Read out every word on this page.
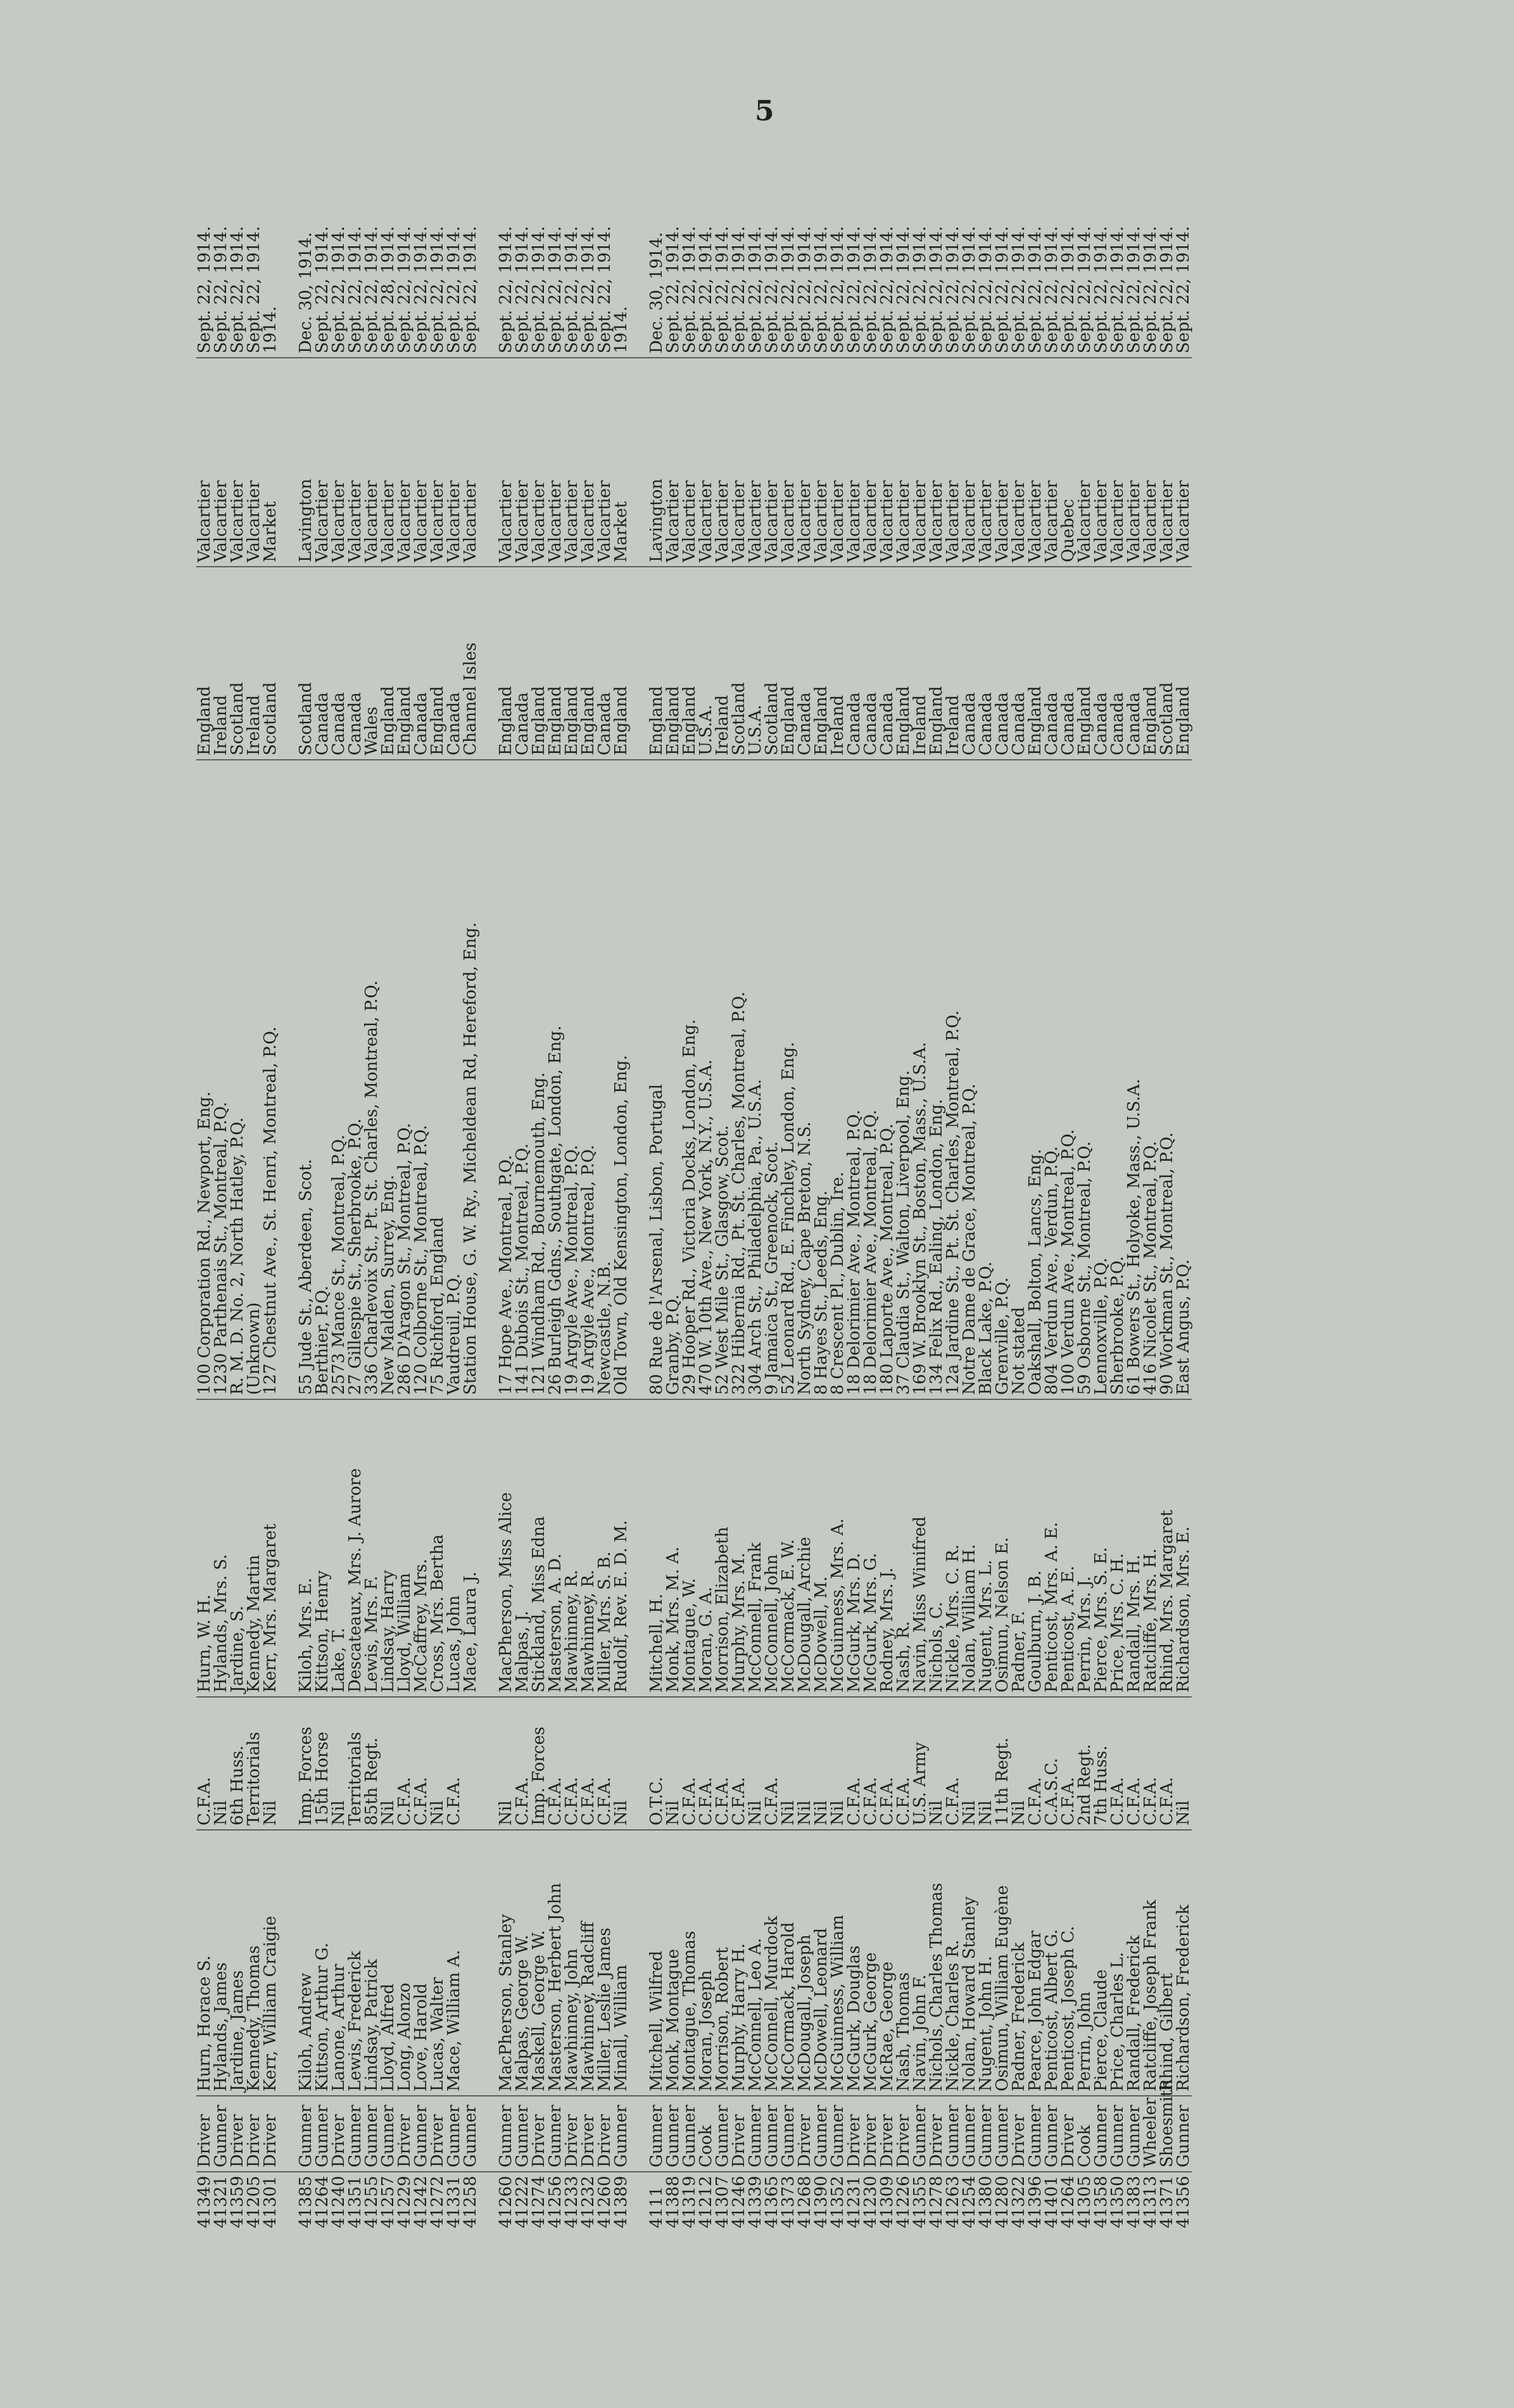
5
41349	Driver	Hurn, Horace S.	C.F.A.	Hurn, W. H.	100 Corporation Rd., Newport, Eng.	England	Valcartier	Sept. 22, 1914.
41321	Gunner	Hylands, James	Nil	Hylands, Mrs. S.	1230 Parthenais St., Montreal, P.Q.	Ireland	Valcartier	Sept. 22, 1914.
41359	Driver	Jardine, James	6th Huss.	Jardine, S.	R. M. D. No. 2, North Hatley, P.Q.	Scotland	Valcartier	Sept. 22, 1914.
41205	Driver	Kennedy, Thomas	Territorials	Kennedy, Martin	(Unknown)	Ireland	Valcartier	Sept. 22, 1914.
41301	Driver	Kerr, William Craigie	Nil	Kerr, Mrs. Margaret	127 Chestnut Ave., St. Henri, Montreal, P.Q.	Scotland	Market	1914.

41385	Gunner	Kiloh, Andrew	Imp. Forces	Kiloh, Mrs. E.	55 Jude St., Aberdeen, Scot.	Scotland	Lavington	Dec. 30, 1914.
41264	Gunner	Kittson, Arthur G.	15th Horse	Kittson, Henry	Berthier, P.Q.	Canada	Valcartier	Sept. 22, 1914.
41240	Driver	Lanone, Arthur	Nil	Lake, T.	2573 Mance St., Montreal, P.Q.	Canada	Valcartier	Sept. 22, 1914.
41351	Gunner	Lewis, Frederick	Territorials	Descateaux, Mrs. J. Aurore	27 Gillespie St., Sherbrooke, P.Q.	Canada	Valcartier	Sept. 22, 1914.
41255	Gunner	Lindsay, Patrick	85th Regt.	Lewis, Mrs. F.	336 Charlevoix St., Pt. St. Charles, Montreal, P.Q.	Wales	Valcartier	Sept. 22, 1914.
41257	Gunner	Lloyd, Alfred	Nil	Lindsay, Harry	New Malden, Surrey, Eng.	England	Valcartier	Sept. 28, 1914.
41229	Driver	Long, Alonzo	C.F.A.	Lloyd, William	286 D'Aragon St., Montreal, P.Q.	England	Valcartier	Sept. 22, 1914.
41242	Gunner	Love, Harold	C.F.A.	McCaffrey, Mrs.	120 Colborne St., Montreal, P.Q.	Canada	Valcartier	Sept. 22, 1914.
41272	Driver	Lucas, Walter	Nil	Cross, Mrs. Bertha	75 Richford, England	England	Valcartier	Sept. 22, 1914.
41331	Gunner	Mace, William A.	C.F.A.	Lucas, John	Vaudreuil, P.Q.	Canada	Valcartier	Sept. 22, 1914.
41258	Gunner			Mace, Laura J.	Station House, G. W. Ry., Micheldean Rd, Hereford, Eng.	Channel Isles	Valcartier	Sept. 22, 1914.

41260	Gunner	MacPherson, Stanley	Nil	MacPherson, Miss Alice	17 Hope Ave., Montreal, P.Q.	England	Valcartier	Sept. 22, 1914.
41222	Gunner	Malpas, George W.	C.F.A.	Malpas, J.	141 Dubois St., Montreal, P.Q.	Canada	Valcartier	Sept. 22, 1914.
41274	Driver	Maskell, George W.	Imp. Forces	Stickland, Miss Edna	121 Windham Rd., Bournemouth, Eng.	England	Valcartier	Sept. 22, 1914.
41256	Gunner	Masterson, Herbert John	C.F.A.	Masterson, A. D.	26 Burleigh Gdns., Southgate, London, Eng.	England	Valcartier	Sept. 22, 1914.
41233	Driver	Mawhinney, John	C.F.A.	Mawhinney, R.	19 Argyle Ave., Montreal, P.Q.	England	Valcartier	Sept. 22, 1914.
41232	Driver	Mawhinney, Radcliff	C.F.A.	Mawhinney, R.	19 Argyle Ave., Montreal, P.Q.	England	Valcartier	Sept. 22, 1914.
41260	Driver	Miller, Leslie James	C.F.A.	Miller, Mrs. S. B.	Newcastle, N.B.	Canada	Valcartier	Sept. 22, 1914.
41389	Gunner	Minall, William	Nil	Rudolf, Rev. E. D. M.	Old Town, Old Kensington, London, Eng.	England	Market	1914.

4111	Gunner	Mitchell, Wilfred	O.T.C.	Mitchell, H.	80 Rue de l'Arsenal, Lisbon, Portugal	England	Lavington	Dec. 30, 1914.
41388	Gunner	Monk, Montague	Nil	Monk, Mrs. M. A.	Granby, P.Q.	England	Valcartier	Sept. 22, 1914.
41319	Gunner	Montague, Thomas	C.F.A.	Montague, W.	29 Hooper Rd., Victoria Docks, London, Eng.	England	Valcartier	Sept. 22, 1914.
41212	Cook	Moran, Joseph	C.F.A.	Moran, G. A.	470 W. 10th Ave., New York, N.Y., U.S.A.	U.S.A.	Valcartier	Sept. 22, 1914.
41307	Gunner	Morrison, Robert	C.F.A.	Morrison, Elizabeth	52 West Mile St., Glasgow, Scot.	Ireland	Valcartier	Sept. 22, 1914.
41246	Driver	Murphy, Harry H.	C.F.A.	Murphy, Mrs. M.	322 Hibernia Rd., Pt. St. Charles, Montreal, P.Q.	Scotland	Valcartier	Sept. 22, 1914.
41339	Gunner	McConnell, Leo A.	Nil	McConnell, Frank	304 Arch St., Philadelphia, Pa., U.S.A.	U.S.A.	Valcartier	Sept. 22, 1914.
41365	Gunner	McConnell, Murdock	C.F.A.	McConnell, John	9 Jamaica St., Greenock, Scot.	Scotland	Valcartier	Sept. 22, 1914.
41373	Gunner	McCormack, Harold	Nil	McCormack, E. W.	52 Leonard Rd., E. Finchley, London, Eng.	England	Valcartier	Sept. 22, 1914.
41268	Driver	McDougall, Joseph	Nil	McDougall, Archie	North Sydney, Cape Breton, N.S.	Canada	Valcartier	Sept. 22, 1914.
41390	Gunner	McDowell, Leonard	Nil	McDowell, M.	8 Hayes St., Leeds, Eng.	England	Valcartier	Sept. 22, 1914.
41352	Gunner	McGuinness, William	Nil	McGuinness, Mrs. A.	8 Crescent Pl., Dublin, Ire.	Ireland	Valcartier	Sept. 22, 1914.
41231	Driver	McGurk, Douglas	C.F.A.	McGurk, Mrs. D.	18 Delorimier Ave., Montreal, P.Q.	Canada	Valcartier	Sept. 22, 1914.
41230	Driver	McGurk, George	C.F.A.	McGurk, Mrs. G.	18 Delorimier Ave., Montreal, P.Q.	Canada	Valcartier	Sept. 22, 1914.
41309	Driver	McRae, George	C.F.A.	Rodney, Mrs. J.	180 Laporte Ave., Montreal, P.Q.	Canada	Valcartier	Sept. 22, 1914.
41226	Driver	Nash, Thomas	C.F.A.	Nash, R.	37 Claudia St., Walton, Liverpool, Eng.	England	Valcartier	Sept. 22, 1914.
41355	Gunner	Navin, John F.	U.S. Army	Navin, Miss Winifred	169 W. Brooklyn St., Boston, Mass., U.S.A.	Ireland	Valcartier	Sept. 22, 1914.
41278	Driver	Nichols, Charles Thomas	Nil	Nichols, C.	134 Felix Rd., Ealing, London, Eng.	England	Valcartier	Sept. 22, 1914.
41263	Gunner	Nickle, Charles R.	C.F.A.	Nickle, Mrs. C. R.	12a Jardine St., Pt. St. Charles, Montreal, P.Q.	Ireland	Valcartier	Sept. 22, 1914.
41254	Gunner	Nolan, Howard Stanley	Nil	Nolan, William H.	Notre Dame de Grace, Montreal, P.Q.	Canada	Valcartier	Sept. 22, 1914.
41380	Gunner	Nugent, John H.	Nil	Nugent, Mrs. L.	Black Lake, P.Q.	Canada	Valcartier	Sept. 22, 1914.
41280	Gunner	Osimun, William Eugène	11th Regt.	Osimun, Nelson E.	Grenville, P.Q.	Canada	Valcartier	Sept. 22, 1914.
41322	Driver	Padner, Frederick	Nil	Padner, F.	Not stated	Canada	Valcartier	Sept. 22, 1914.
41396	Gunner	Pearce, John Edgar	C.F.A.	Goulburn, J. B.	Oakshall, Bolton, Lancs, Eng.	England	Valcartier	Sept. 22, 1914.
41401	Gunner	Penticost, Albert G.	C.A.S.C.	Penticost, Mrs. A. E.	804 Verdun Ave., Verdun, P.Q.	Canada	Valcartier	Sept. 22, 1914.
41264	Driver	Penticost, Joseph C.	C.F.A.	Penticost, A. E.	100 Verdun Ave., Montreal, P.Q.	Canada	Quebec	Sept. 22, 1914.
41305	Cook	Perrin, John	2nd Regt.	Perrin, Mrs. J.	59 Osborne St., Montreal, P.Q.	England	Valcartier	Sept. 22, 1914.
41358	Gunner	Pierce, Claude	7th Huss.	Pierce, Mrs. S. E.	Lennoxville, P.Q.	Canada	Valcartier	Sept. 22, 1914.
41350	Gunner	Price, Charles L.	C.F.A.	Price, Mrs. C. H.	Sherbrooke, P.Q.	Canada	Valcartier	Sept. 22, 1914.
41383	Gunner	Randall, Frederick	C.F.A.	Randall, Mrs. H.	61 Bowers St., Holyoke, Mass., U.S.A.	Canada	Valcartier	Sept. 22, 1914.
41313	Wheeler	Ratcliffe, Joseph Frank	C.F.A.	Ratcliffe, Mrs. H.	416 Nicolet St., Montreal, P.Q.	England	Valcartier	Sept. 22, 1914.
41371	Shoesmith	Rhind, Gilbert	C.F.A.	Rhind, Mrs. Margaret	90 Workman St., Montreal, P.Q.	Scotland	Valcartier	Sept. 22, 1914.
41356	Gunner	Richardson, Frederick	Nil	Richardson, Mrs. E.	East Angus, P.Q.	England	Valcartier	Sept. 22, 1914.
